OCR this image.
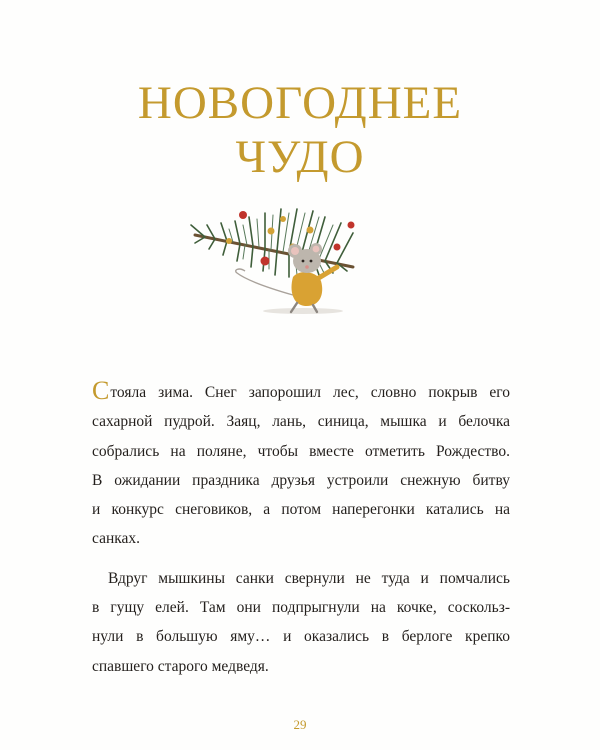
НОВОГОДНЕЕ
ЧУДО
Стояла зима. Снег запорошил лес, словно покрыв его
сахарной пудрой. Заяц, лань, синица, мышка и белочка
собрались на поляне, чтобы вместе отметить Рождество.
В ожидании праздника друзья устроили снежную битву
и конкурс снеговиков, а потом наперегонки катались на
санках.
Вдруг мышкины санки свернули не туда и помчались
в гущу елей. Там они подпрыгнули на кочке, соскольз-
нули в большую яму… и оказались в берлоге крепко
спавшего старого медведя.
29
